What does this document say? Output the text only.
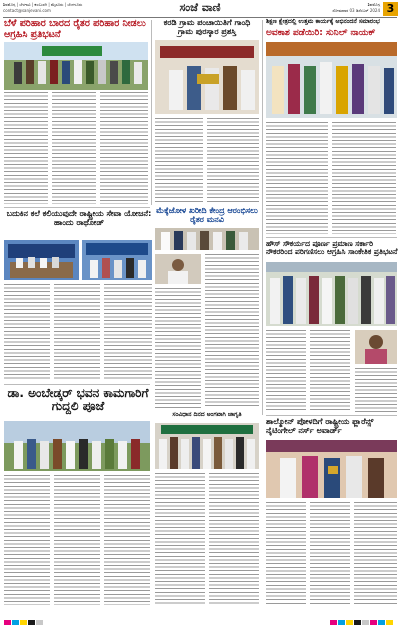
ಶಿವಮೊಗ್ಗ | ಬೆಳಗಾವಿ | ಕಲಬುರಗಿ | ಮೈಸೂರು | ಬೆಂಗಳೂರು
contact@sanjevani.com	ಸಂಜೆ ವಾಣಿ	ಶಿವಮೊಗ್ಗ
ಸೋಮವಾರ 03 ಡಿಸೆಂಬರ್ 2024 3
ಬೆಳೆ ಪರಿಹಾರ ಬಾರದ ರೈತರ ಪರಿಹಾರ ನೀಡಲು ಆಗ್ರಹಿಸಿ ಪ್ರತಿಭಟನೆ
ಕರಡಿ ಗ್ರಾಮ ಪಂಚಾಯಿತಿಗೆ ಗಾಂಧಿ ಗ್ರಾಮ ಪುರಸ್ಕಾರ ಪ್ರಶಸ್ತಿ
ಶಿಕ್ಷಣ ಕ್ಷೇತ್ರದಲ್ಲಿ ಉತ್ತಮ ಕಾರ್ಯಕ್ಕೆ ಅಭಿನಂದನೆ ಸಮಾರಂಭ
ಅವಕಾಶ ಪಡೆಯಿರಿ: ಸುನಿಲ್ ನಾಯಕ್
ಮೆಕ್ಕೆಜೋಳ ಖರೀದಿ ಕೇಂದ್ರ ಆರಂಭಿಸಲು ರೈತರ ಮನವಿ
ಬದುಕಿನ ಕಲೆ ಕಲಿಯುವುದೇ ರಾಷ್ಟ್ರೀಯ ಸೇವಾ ಯೋಜನೆ: ಹಾಂದು ರಾಥೋಡ್
ಹೌಸ್ ಸೌಕರ್ಯದ ಪೂರ್ಣ ಪ್ರಮಾಣ ಸರ್ಕಾರಿ ನೌಕರರಿಂದ ಪರಿಗಣಿಸಲು ಆಗ್ರಹಿಸಿ ಸಾಂಕೇತಿಕ ಪ್ರತಿಭಟನೆ
ಡಾ. ಅಂಬೇಡ್ಕರ್ ಭವನ ಕಾಮಗಾರಿಗೆ ಗುದ್ದಲಿ ಪೂಜೆ
ಸಂವಿಧಾನ ದಿನದ ಅಂಗವಾಗಿ ಜಾಗೃತಿ
ಶಾಲ್ಮೋನ್ ಪೋಳದಿಗೆ ರಾಷ್ಟ್ರೀಯ ಫ್ಲಾರೆನ್ಸ್ ನೈಟಿಂಗೇಲ್ ನರ್ಸ್ ಅವಾರ್ಡ್
